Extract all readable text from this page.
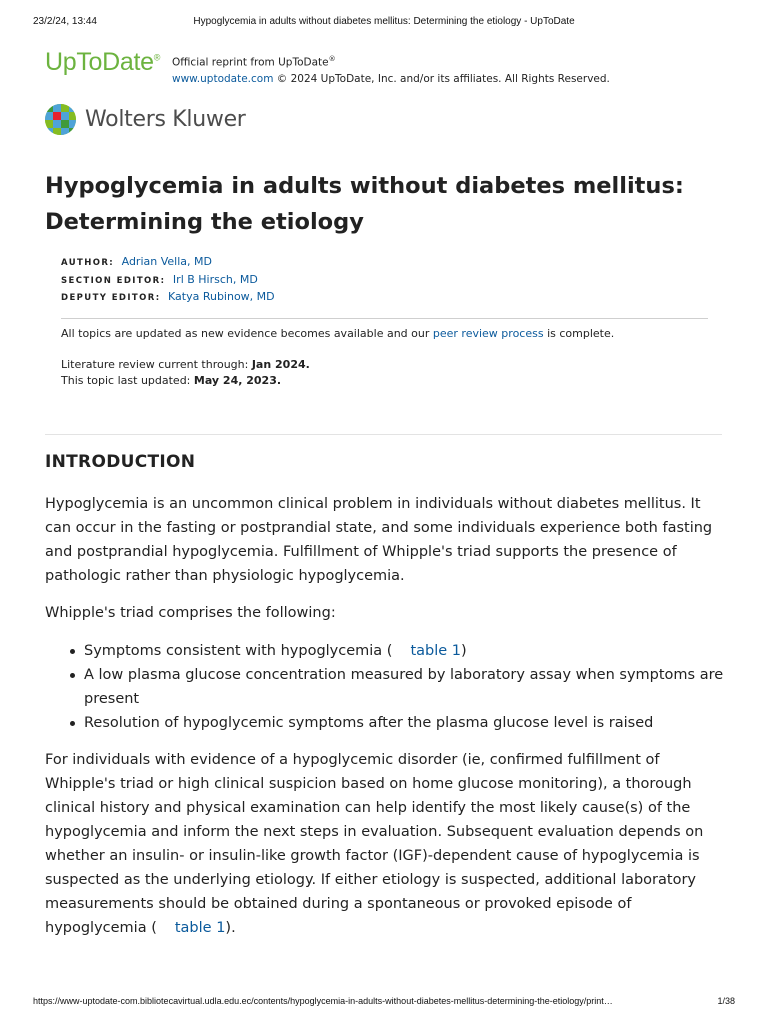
23/2/24, 13:44	Hypoglycemia in adults without diabetes mellitus: Determining the etiology - UpToDate
UpToDate® Official reprint from UpToDate®
www.uptodate.com © 2024 UpToDate, Inc. and/or its affiliates. All Rights Reserved.
Wolters Kluwer
Hypoglycemia in adults without diabetes mellitus: Determining the etiology
AUTHOR: Adrian Vella, MD
SECTION EDITOR: Irl B Hirsch, MD
DEPUTY EDITOR: Katya Rubinow, MD
All topics are updated as new evidence becomes available and our peer review process is complete.
Literature review current through: Jan 2024.
This topic last updated: May 24, 2023.
INTRODUCTION

Hypoglycemia is an uncommon clinical problem in individuals without diabetes mellitus. It can occur in the fasting or postprandial state, and some individuals experience both fasting and postprandial hypoglycemia. Fulfillment of Whipple's triad supports the presence of pathologic rather than physiologic hypoglycemia.

Whipple's triad comprises the following:

Symptoms consistent with hypoglycemia ( table 1)
A low plasma glucose concentration measured by laboratory assay when symptoms are present
Resolution of hypoglycemic symptoms after the plasma glucose level is raised

For individuals with evidence of a hypoglycemic disorder (ie, confirmed fulfillment of Whipple's triad or high clinical suspicion based on home glucose monitoring), a thorough clinical history and physical examination can help identify the most likely cause(s) of the hypoglycemia and inform the next steps in evaluation. Subsequent evaluation depends on whether an insulin- or insulin-like growth factor (IGF)-dependent cause of hypoglycemia is suspected as the underlying etiology. If either etiology is suspected, additional laboratory measurements should be obtained during a spontaneous or provoked episode of hypoglycemia ( table 1).

https://www-uptodate-com.bibliotecavirtual.udla.edu.ec/contents/hypoglycemia-in-adults-without-diabetes-mellitus-determining-the-etiology/print…	1/38
